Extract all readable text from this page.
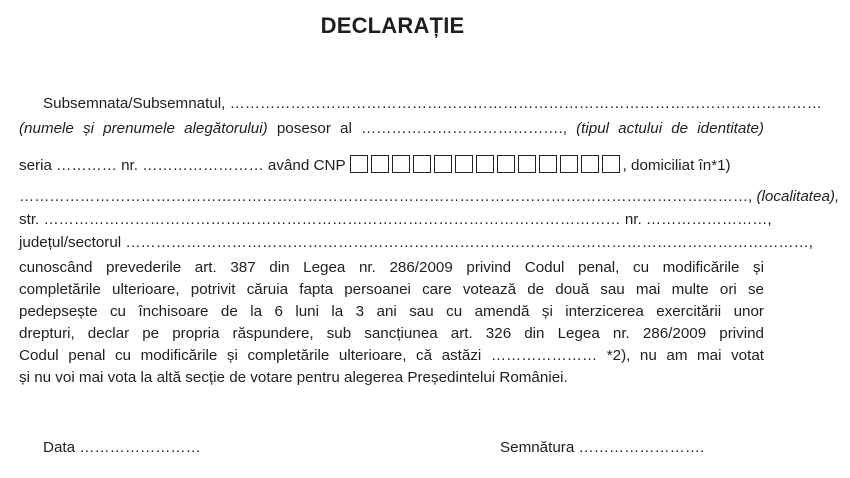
DECLARAȚIE
Subsemnata/Subsemnatul, ………………………………………………………………………………………………………
(numele și prenumele alegătorului) posesor al …………………………………., (tipul actului de identitate)
seria ………… nr. …………………… având CNP	, domiciliat în*1)
………………………………………………………………………………………………………………………………, (localitatea),
str. …………………………………………………………………………………………………… nr. ……………………,
județul/sectorul ………………………………………………………………………………………………………………………,
cunoscând prevederile art. 387 din Legea nr. 286/2009 privind Codul penal, cu modificările și
completările ulterioare, potrivit căruia fapta persoanei care votează de două sau mai multe ori se
pedepsește cu închisoare de la 6 luni la 3 ani sau cu amendă și interzicerea exercitării unor
drepturi, declar pe propria răspundere, sub sancțiunea art. 326 din Legea nr. 286/2009 privind
Codul penal cu modificările și completările ulterioare, că astăzi ………………… *2), nu am mai votat
și nu voi mai vota la altă secție de votare pentru alegerea Președintelui României.
Data ……………………	Semnătura …………………….
